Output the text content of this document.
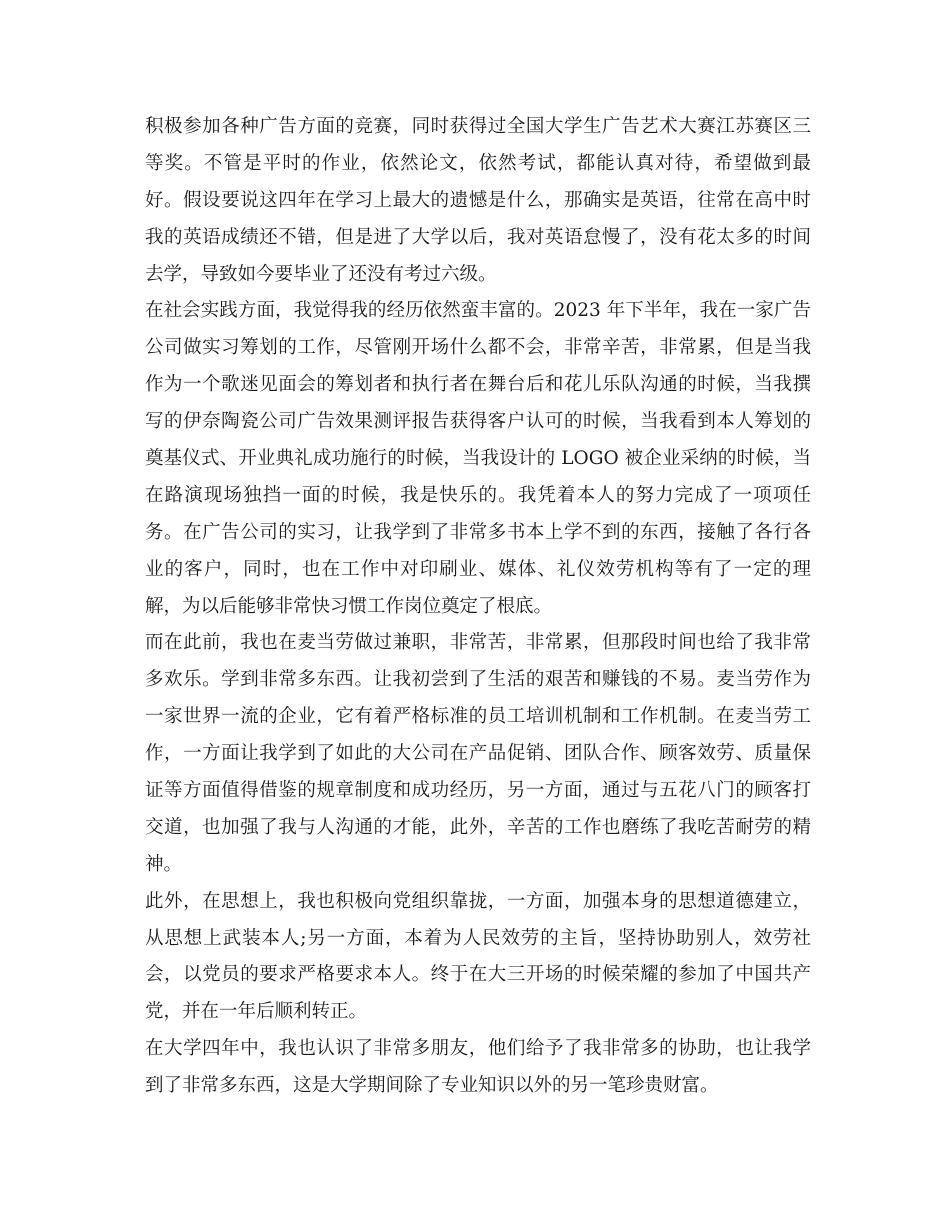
积极参加各种广告方面的竞赛，同时获得过全国大学生广告艺术大赛江苏赛区三
等奖。不管是平时的作业，依然论文，依然考试，都能认真对待，希望做到最
好。假设要说这四年在学习上最大的遗憾是什么，那确实是英语，往常在高中时
我的英语成绩还不错，但是进了大学以后，我对英语怠慢了，没有花太多的时间
去学，导致如今要毕业了还没有考过六级。
在社会实践方面，我觉得我的经历依然蛮丰富的。2023 年下半年，我在一家广告
公司做实习筹划的工作，尽管刚开场什么都不会，非常辛苦，非常累，但是当我
作为一个歌迷见面会的筹划者和执行者在舞台后和花儿乐队沟通的时候，当我撰
写的伊奈陶瓷公司广告效果测评报告获得客户认可的时候，当我看到本人筹划的
奠基仪式、开业典礼成功施行的时候，当我设计的 LOGO 被企业采纳的时候，当
在路演现场独挡一面的时候，我是快乐的。我凭着本人的努力完成了一项项任
务。在广告公司的实习，让我学到了非常多书本上学不到的东西，接触了各行各
业的客户，同时，也在工作中对印刷业、媒体、礼仪效劳机构等有了一定的理
解，为以后能够非常快习惯工作岗位奠定了根底。
而在此前，我也在麦当劳做过兼职，非常苦，非常累，但那段时间也给了我非常
多欢乐。学到非常多东西。让我初尝到了生活的艰苦和赚钱的不易。麦当劳作为
一家世界一流的企业，它有着严格标准的员工培训机制和工作机制。在麦当劳工
作，一方面让我学到了如此的大公司在产品促销、团队合作、顾客效劳、质量保
证等方面值得借鉴的规章制度和成功经历，另一方面，通过与五花八门的顾客打
交道，也加强了我与人沟通的才能，此外，辛苦的工作也磨练了我吃苦耐劳的精
神。
此外，在思想上，我也积极向党组织靠拢，一方面，加强本身的思想道德建立，
从思想上武装本人;另一方面，本着为人民效劳的主旨，坚持协助别人，效劳社
会，以党员的要求严格要求本人。终于在大三开场的时候荣耀的参加了中国共产
党，并在一年后顺利转正。
在大学四年中，我也认识了非常多朋友，他们给予了我非常多的协助，也让我学
到了非常多东西，这是大学期间除了专业知识以外的另一笔珍贵财富。
